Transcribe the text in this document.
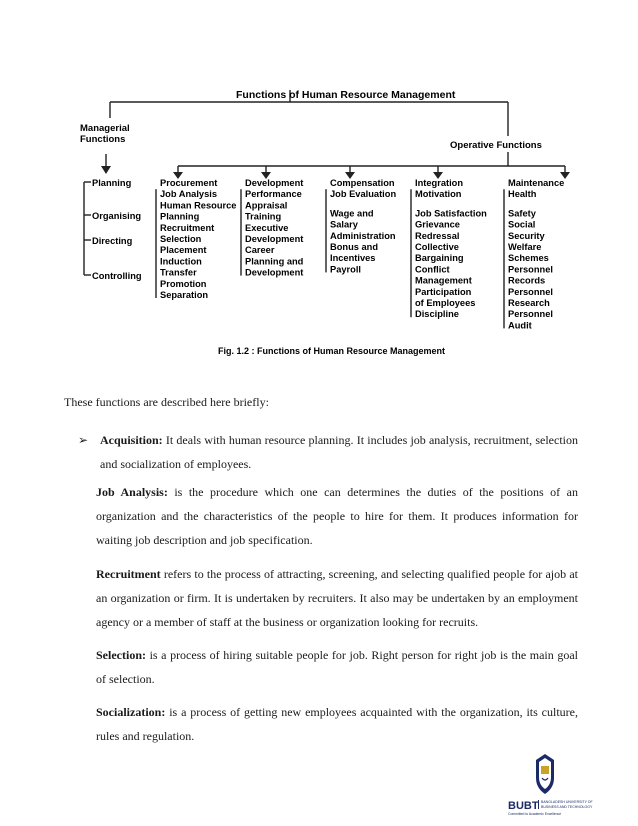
Functions of Human Resource Management
Managerial
Functions
Operative Functions
Planning
Organising
Directing
Controlling
Procurement
Job Analysis
Human Resource
Planning
Recruitment
Selection
Placement
Induction
Transfer
Promotion
Separation
Development
Performance
Appraisal
Training
Executive
Development
Career
Planning and
Development
Compensation
Job Evaluation
Wage and
Salary
Administration
Bonus and
Incentives
Payroll
Integration
Motivation
Job Satisfaction
Grievance
Redressal
Collective
Bargaining
Conflict
Management
Participation
of Employees
Discipline
Maintenance
Health
Safety
Social
Security
Welfare
Schemes
Personnel
Records
Personnel
Research
Personnel
Audit
Fig. 1.2 : Functions of Human Resource Management

These functions are described here briefly:

➢ Acquisition: It deals with human resource planning. It includes job analysis, recruitment, selection and socialization of employees.
Job Analysis: is the procedure which one can determines the duties of the positions of an organization and the characteristics of the people to hire for them. It produces information for waiting job description and job specification.
Recruitment refers to the process of attracting, screening, and selecting qualified people for ajob at an organization or firm. It is undertaken by recruiters. It also may be undertaken by an employment agency or a member of staff at the business or organization looking for recruits.
Selection: is a process of hiring suitable people for job. Right person for right job is the main goal of selection.
Socialization: is a process of getting new employees acquainted with the organization, its culture, rules and regulation.
BUBT BANGLADESH UNIVERSITY OF BUSINESS AND TECHNOLOGY
Committed to Academic Excellence
